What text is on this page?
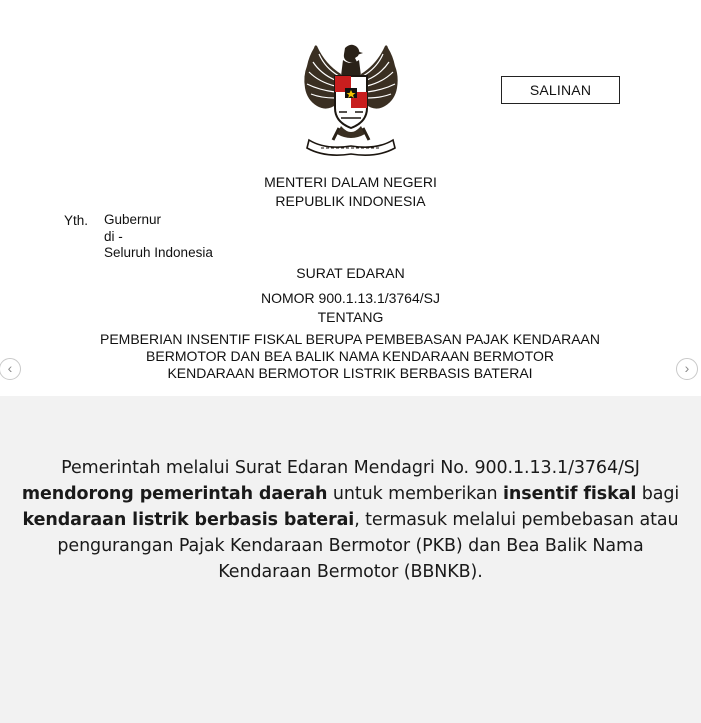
SALINAN
MENTERI DALAM NEGERI
REPUBLIK INDONESIA
Yth. Gubernur
di -
Seluruh Indonesia
SURAT EDARAN
NOMOR 900.1.13.1/3764/SJ
TENTANG
PEMBERIAN INSENTIF FISKAL BERUPA PEMBEBASAN PAJAK KENDARAAN
BERMOTOR DAN BEA BALIK NAMA KENDARAAN BERMOTOR
KENDARAAN BERMOTOR LISTRIK BERBASIS BATERAI
‹	›
Pemerintah melalui Surat Edaran Mendagri No. 900.1.13.1/3764/SJ mendorong pemerintah daerah untuk memberikan insentif fiskal bagi kendaraan listrik berbasis baterai, termasuk melalui pembebasan atau pengurangan Pajak Kendaraan Bermotor (PKB) dan Bea Balik Nama Kendaraan Bermotor (BBNKB).
